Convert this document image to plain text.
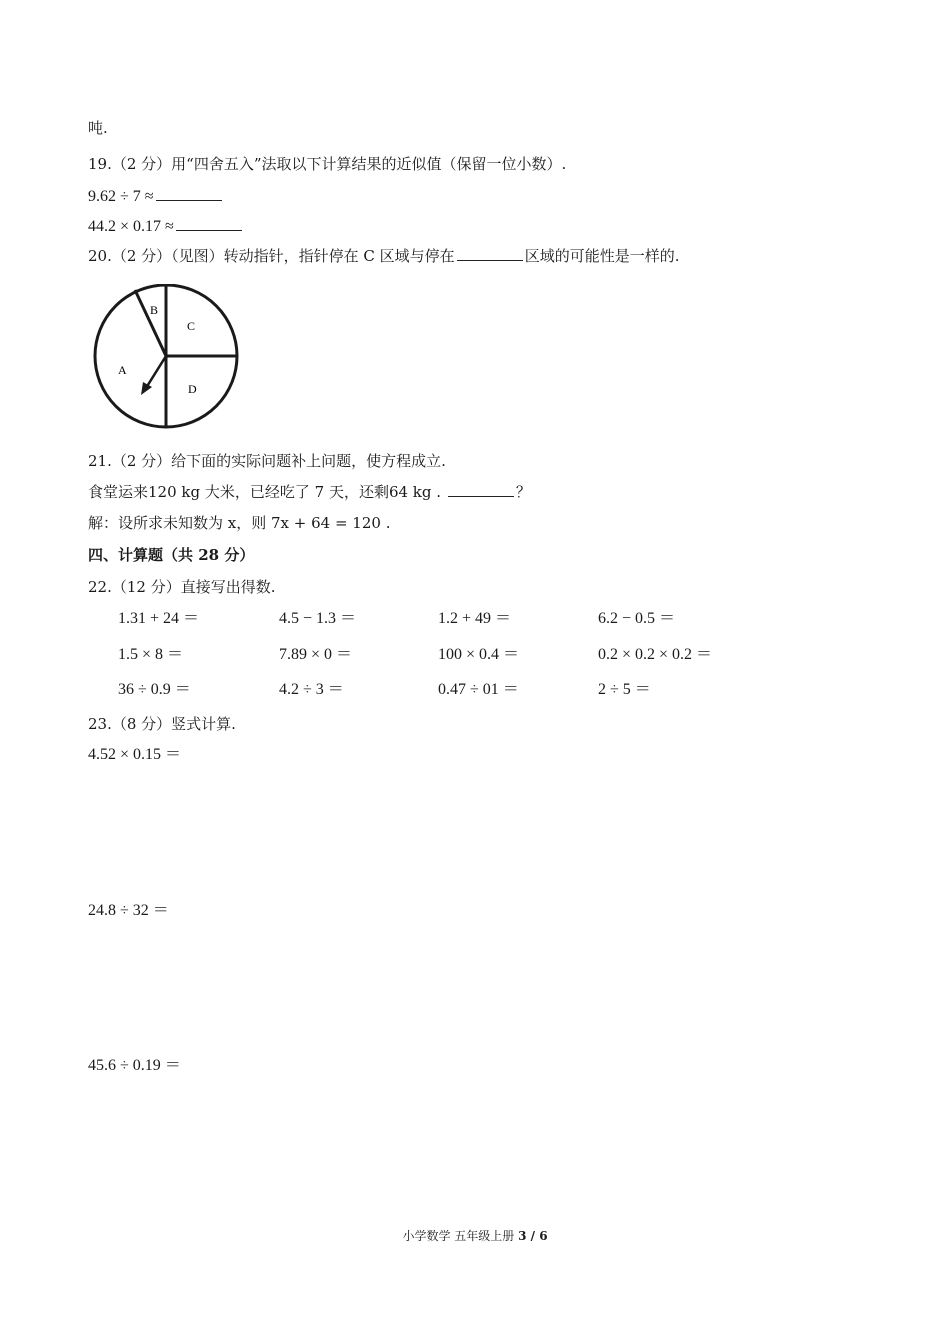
吨.
19.（2 分）用“四舍五入”法取以下计算结果的近似值（保留一位小数）.
9.62 ÷ 7 ≈
44.2 × 0.17 ≈
20.（2 分）（见图）转动指针，指针停在 C 区域与停在	区域的可能性是一样的.
B
C
A
D
21.（2 分）给下面的实际问题补上问题，使方程成立.
食堂运来120 kg 大米，已经吃了 7 天，还剩64 kg .	？
解：设所求未知数为 x，则 7x + 64 = 120 .
四、计算题（共 28 分）
22.（12 分）直接写出得数.
1.31 + 24 ＝	4.5 − 1.3 ＝	1.2 + 49 ＝	6.2 − 0.5 ＝
1.5 × 8 ＝	7.89 × 0 ＝	100 × 0.4 ＝	0.2 × 0.2 × 0.2 ＝
36 ÷ 0.9 ＝	4.2 ÷ 3 ＝	0.47 ÷ 01 ＝	2 ÷ 5 ＝
23.（8 分）竖式计算.
4.52 × 0.15 ＝
24.8 ÷ 32 ＝
45.6 ÷ 0.19 ＝
小学数学 五年级上册 3 / 6
